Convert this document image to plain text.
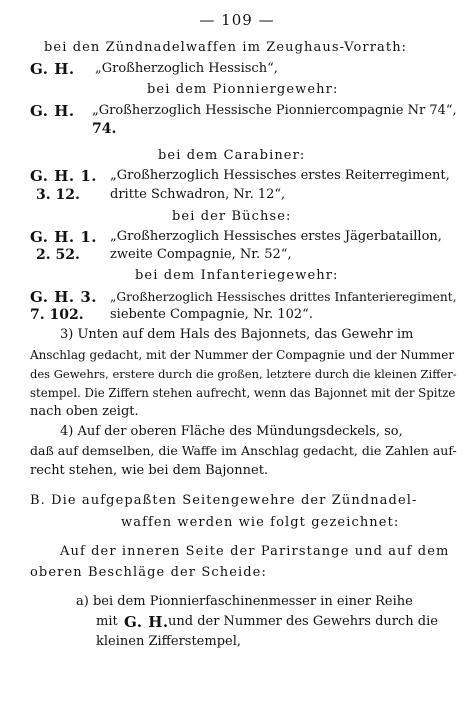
— 109 —
bei den Zündnadelwaffen im Zeughaus-Vorrath:
G. H. „Großherzoglich Hessisch“,
bei dem Pionniergewehr:
G. H. „Großherzoglich Hessische Pionniercompagnie Nr 74“,
74.
bei dem Carabiner:
G. H. 1. „Großherzoglich Hessisches erstes Reiterregiment,
3. 12. dritte Schwadron, Nr. 12“,
bei der Büchse:
G. H. 1. „Großherzoglich Hessisches erstes Jägerbataillon,
2. 52. zweite Compagnie, Nr. 52“,
bei dem Infanteriegewehr:
G. H. 3. „Großherzoglich Hessisches drittes Infanterieregiment,
7. 102. siebente Compagnie, Nr. 102“.
3) Unten auf dem Hals des Bajonnets, das Gewehr im
Anschlag gedacht, mit der Nummer der Compagnie und der Nummer
des Gewehrs, erstere durch die großen, letztere durch die kleinen Ziffer-
stempel. Die Ziffern stehen aufrecht, wenn das Bajonnet mit der Spitze
nach oben zeigt.
4) Auf der oberen Fläche des Mündungsdeckels, so,
daß auf demselben, die Waffe im Anschlag gedacht, die Zahlen auf-
recht stehen, wie bei dem Bajonnet.
B. Die aufgepaßten Seitengewehre der Zündnadel-
waffen werden wie folgt gezeichnet:
Auf der inneren Seite der Parirstange und auf dem
oberen Beschläge der Scheide:
a) bei dem Pionnierfaschinenmesser in einer Reihe
mit G. H. und der Nummer des Gewehrs durch die
kleinen Zifferstempel,
